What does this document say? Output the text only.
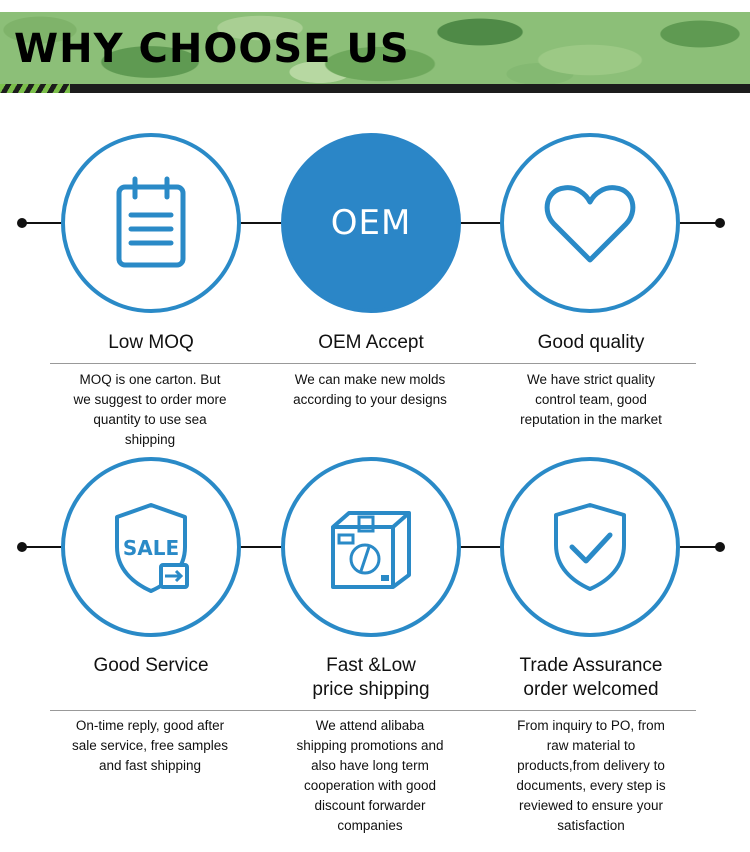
WHY CHOOSE US
Low MOQ
MOQ is one carton. But
we suggest to order more
quantity to use sea
shipping
OEM
OEM Accept
We can make new molds
according to your designs
Good quality
We have strict quality
control team, good
reputation in the market
SALE
Good Service
On-time reply, good after
sale service, free samples
and fast shipping
Fast &Low
price shipping
We attend alibaba
shipping promotions and
also have long term
cooperation with good
discount forwarder
companies
Trade Assurance
order welcomed
From inquiry to PO, from
raw material to
products,from delivery to
documents, every step is
reviewed to ensure your
satisfaction
